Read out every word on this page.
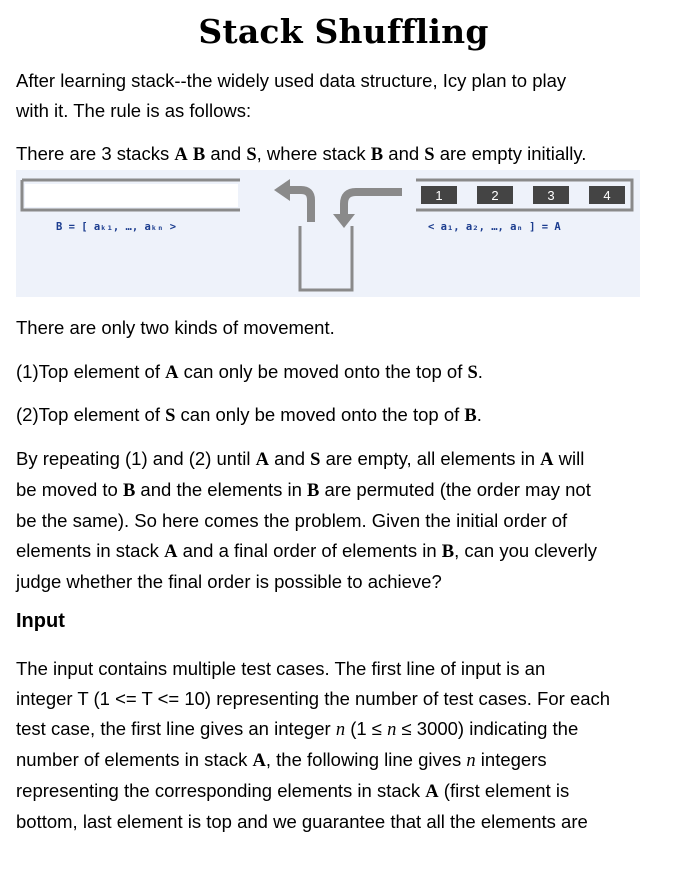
Stack Shuffling
After learning stack--the widely used data structure, Icy plan to play
with it. The rule is as follows:
There are 3 stacks A B and S, where stack B and S are empty initially.
1	2	3	4
B = [ aₖ₁, …, aₖₙ >	< a₁, a₂, …, aₙ ] = A
There are only two kinds of movement.
(1)Top element of A can only be moved onto the top of S.
(2)Top element of S can only be moved onto the top of B.
By repeating (1) and (2) until A and S are empty, all elements in A will
be moved to B and the elements in B are permuted (the order may not
be the same). So here comes the problem. Given the initial order of
elements in stack A and a final order of elements in B, can you cleverly
judge whether the final order is possible to achieve?
Input
The input contains multiple test cases. The first line of input is an
integer T (1 <= T <= 10) representing the number of test cases. For each
test case, the first line gives an integer n (1 ≤ n ≤ 3000) indicating the
number of elements in stack A, the following line gives n integers
representing the corresponding elements in stack A (first element is
bottom, last element is top and we guarantee that all the elements are
